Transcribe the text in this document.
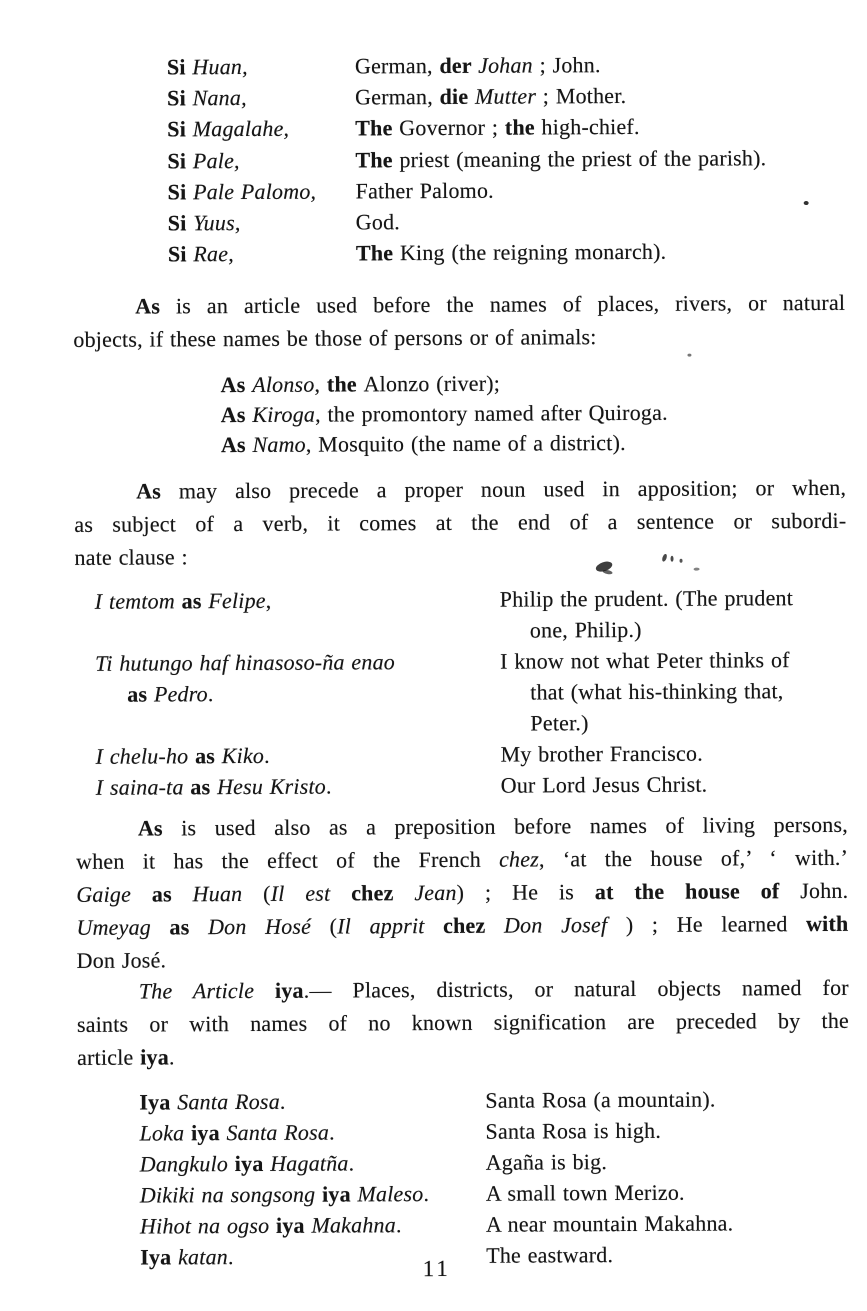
Si Huan,	German, der Johan ; John.
Si Nana,	German, die Mutter ; Mother.
Si Magalahe,	The Governor ; the high-chief.
Si Pale,	The priest (meaning the priest of the parish).
Si Pale Palomo, Father Palomo.
Si Yuus,	God.
Si Rae,	The King (the reigning monarch).
As is an article used before the names of places, rivers, or natural
objects, if these names be those of persons or of animals:
As Alonso, the Alonzo (river);
As Kiroga, the promontory named after Quiroga.
As Namo, Mosquito (the name of a district).
As may also precede a proper noun used in apposition; or when,
as subject of a verb, it comes at the end of a sentence or subordi-
nate clause :
I temtom as Felipe,	Philip the prudent. (The prudent
one, Philip.)
Ti hutungo haf hinasoso-ña enao
as Pedro.
I know not what Peter thinks of
that (what his-thinking that,
Peter.)
I chelu-ho as Kiko.	My brother Francisco.
I saina-ta as Hesu Kristo.	Our Lord Jesus Christ.
As is used also as a preposition before names of living persons,
when it has the effect of the French chez, ‘at the house of,’ ‘ with.’
Gaige as Huan (Il est chez Jean) ; He is at the house of John.
Umeyag as Don Hosé (Il apprit chez Don Josef ) ; He learned with
Don José.
The Article iya.— Places, districts, or natural objects named for
saints or with names of no known signification are preceded by the
article iya.
Iya Santa Rosa.	Santa Rosa (a mountain).
Loka iya Santa Rosa.	Santa Rosa is high.
Dangkulo iya Hagatña.	Agaña is big.
Dikiki na songsong iya Maleso.	A small town Merizo.
Hihot na ogso iya Makahna.	A near mountain Makahna.
Iya katan.	The eastward.
11
